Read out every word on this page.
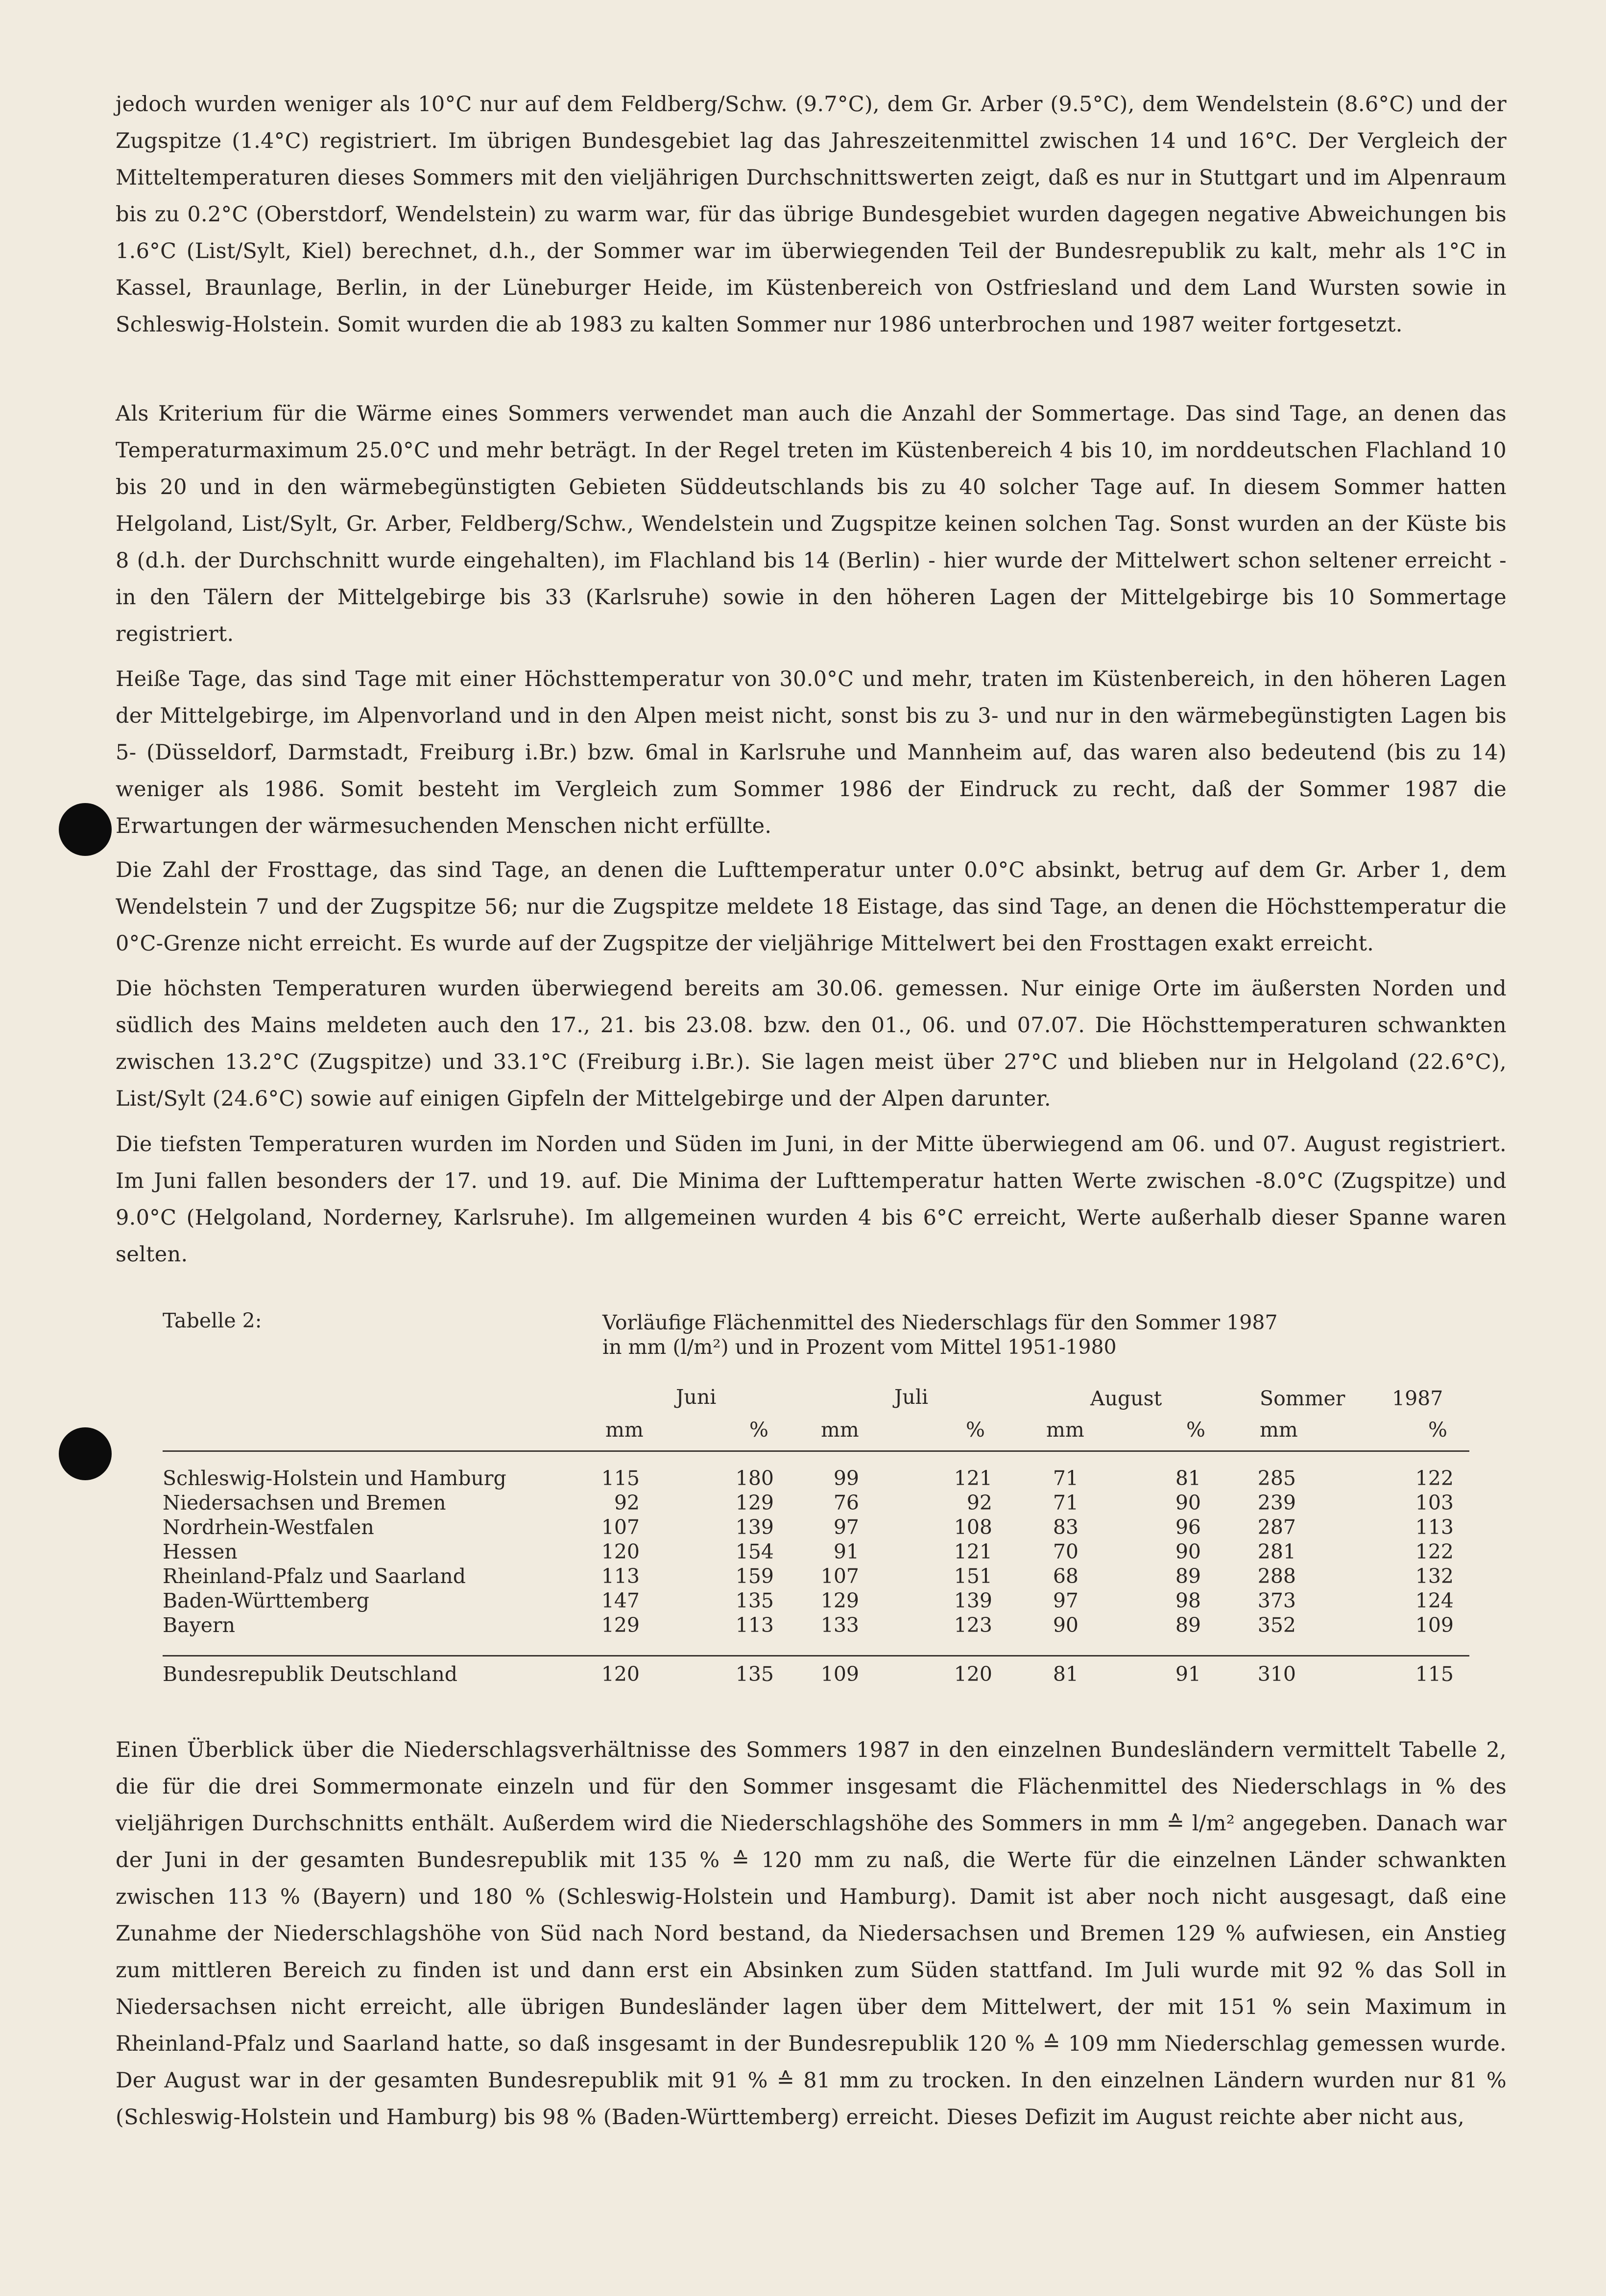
jedoch wurden weniger als 10°C nur auf dem Feldberg/Schw. (9.7°C), dem Gr. Arber (9.5°C), dem Wendelstein (8.6°C) und der Zugspitze (1.4°C) registriert. Im übrigen Bundesgebiet lag das Jahreszeitenmittel zwischen 14 und 16°C. Der Vergleich der Mitteltemperaturen dieses Sommers mit den vieljährigen Durchschnittswerten zeigt, daß es nur in Stuttgart und im Alpenraum bis zu 0.2°C (Oberstdorf, Wendelstein) zu warm war, für das übrige Bundesgebiet wurden dagegen negative Abweichungen bis 1.6°C (List/Sylt, Kiel) berechnet, d.h., der Sommer war im überwiegenden Teil der Bundesrepublik zu kalt, mehr als 1°C in Kassel, Braunlage, Berlin, in der Lüneburger Heide, im Küstenbereich von Ostfriesland und dem Land Wursten sowie in Schleswig-Holstein. Somit wurden die ab 1983 zu kalten Sommer nur 1986 unterbrochen und 1987 weiter fortgesetzt.

Als Kriterium für die Wärme eines Sommers verwendet man auch die Anzahl der Sommertage. Das sind Tage, an denen das Temperaturmaximum 25.0°C und mehr beträgt. In der Regel treten im Küstenbereich 4 bis 10, im norddeutschen Flachland 10 bis 20 und in den wärmebegünstigten Gebieten Süddeutschlands bis zu 40 solcher Tage auf. In diesem Sommer hatten Helgoland, List/Sylt, Gr. Arber, Feldberg/Schw., Wendelstein und Zugspitze keinen solchen Tag. Sonst wurden an der Küste bis 8 (d.h. der Durchschnitt wurde eingehalten), im Flachland bis 14 (Berlin) - hier wurde der Mittelwert schon seltener erreicht - in den Tälern der Mittelgebirge bis 33 (Karlsruhe) sowie in den höheren Lagen der Mittelgebirge bis 10 Sommertage registriert.

Heiße Tage, das sind Tage mit einer Höchsttemperatur von 30.0°C und mehr, traten im Küstenbereich, in den höheren Lagen der Mittelgebirge, im Alpenvorland und in den Alpen meist nicht, sonst bis zu 3- und nur in den wärmebegünstigten Lagen bis 5- (Düsseldorf, Darmstadt, Freiburg i.Br.) bzw. 6mal in Karlsruhe und Mannheim auf, das waren also bedeutend (bis zu 14) weniger als 1986. Somit besteht im Vergleich zum Sommer 1986 der Eindruck zu recht, daß der Sommer 1987 die Erwartungen der wärmesuchenden Menschen nicht erfüllte.

Die Zahl der Frosttage, das sind Tage, an denen die Lufttemperatur unter 0.0°C absinkt, betrug auf dem Gr. Arber 1, dem Wendelstein 7 und der Zugspitze 56; nur die Zugspitze meldete 18 Eistage, das sind Tage, an denen die Höchsttemperatur die 0°C-Grenze nicht erreicht. Es wurde auf der Zugspitze der vieljährige Mittelwert bei den Frosttagen exakt erreicht.

Die höchsten Temperaturen wurden überwiegend bereits am 30.06. gemessen. Nur einige Orte im äußersten Norden und südlich des Mains meldeten auch den 17., 21. bis 23.08. bzw. den 01., 06. und 07.07. Die Höchsttemperaturen schwankten zwischen 13.2°C (Zugspitze) und 33.1°C (Freiburg i.Br.). Sie lagen meist über 27°C und blieben nur in Helgoland (22.6°C), List/Sylt (24.6°C) sowie auf einigen Gipfeln der Mittelgebirge und der Alpen darunter.

Die tiefsten Temperaturen wurden im Norden und Süden im Juni, in der Mitte überwiegend am 06. und 07. August registriert. Im Juni fallen besonders der 17. und 19. auf. Die Minima der Lufttemperatur hatten Werte zwischen -8.0°C (Zugspitze) und 9.0°C (Helgoland, Norderney, Karlsruhe). Im allgemeinen wurden 4 bis 6°C erreicht, Werte außerhalb dieser Spanne waren selten.

Tabelle 2:	Vorläufige Flächenmittel des Niederschlags für den Sommer 1987
in mm (l/m²) und in Prozent vom Mittel 1951-1980
Juni	Juli	August	Sommer 1987
mm	%	mm	%	mm	%	mm	%
Schleswig-Holstein und Hamburg	115	180	99	121	71	81	285	122
Niedersachsen und Bremen	92	129	76	92	71	90	239	103
Nordrhein-Westfalen	107	139	97	108	83	96	287	113
Hessen	120	154	91	121	70	90	281	122
Rheinland-Pfalz und Saarland	113	159	107	151	68	89	288	132
Baden-Württemberg	147	135	129	139	97	98	373	124
Bayern	129	113	133	123	90	89	352	109
Bundesrepublik Deutschland	120	135	109	120	81	91	310	115

Einen Überblick über die Niederschlagsverhältnisse des Sommers 1987 in den einzelnen Bundesländern vermittelt Tabelle 2, die für die drei Sommermonate einzeln und für den Sommer insgesamt die Flächenmittel des Niederschlags in % des vieljährigen Durchschnitts enthält. Außerdem wird die Niederschlagshöhe des Sommers in mm ≙ l/m² angegeben. Danach war der Juni in der gesamten Bundesrepublik mit 135 % ≙ 120 mm zu naß, die Werte für die einzelnen Länder schwankten zwischen 113 % (Bayern) und 180 % (Schleswig-Holstein und Hamburg). Damit ist aber noch nicht ausgesagt, daß eine Zunahme der Niederschlagshöhe von Süd nach Nord bestand, da Niedersachsen und Bremen 129 % aufwiesen, ein Anstieg zum mittleren Bereich zu finden ist und dann erst ein Absinken zum Süden stattfand. Im Juli wurde mit 92 % das Soll in Niedersachsen nicht erreicht, alle übrigen Bundesländer lagen über dem Mittelwert, der mit 151 % sein Maximum in Rheinland-Pfalz und Saarland hatte, so daß insgesamt in der Bundesrepublik 120 % ≙ 109 mm Niederschlag gemessen wurde. Der August war in der gesamten Bundesrepublik mit 91 % ≙ 81 mm zu trocken. In den einzelnen Ländern wurden nur 81 % (Schleswig-Holstein und Hamburg) bis 98 % (Baden-Württemberg) erreicht. Dieses Defizit im August reichte aber nicht aus,
